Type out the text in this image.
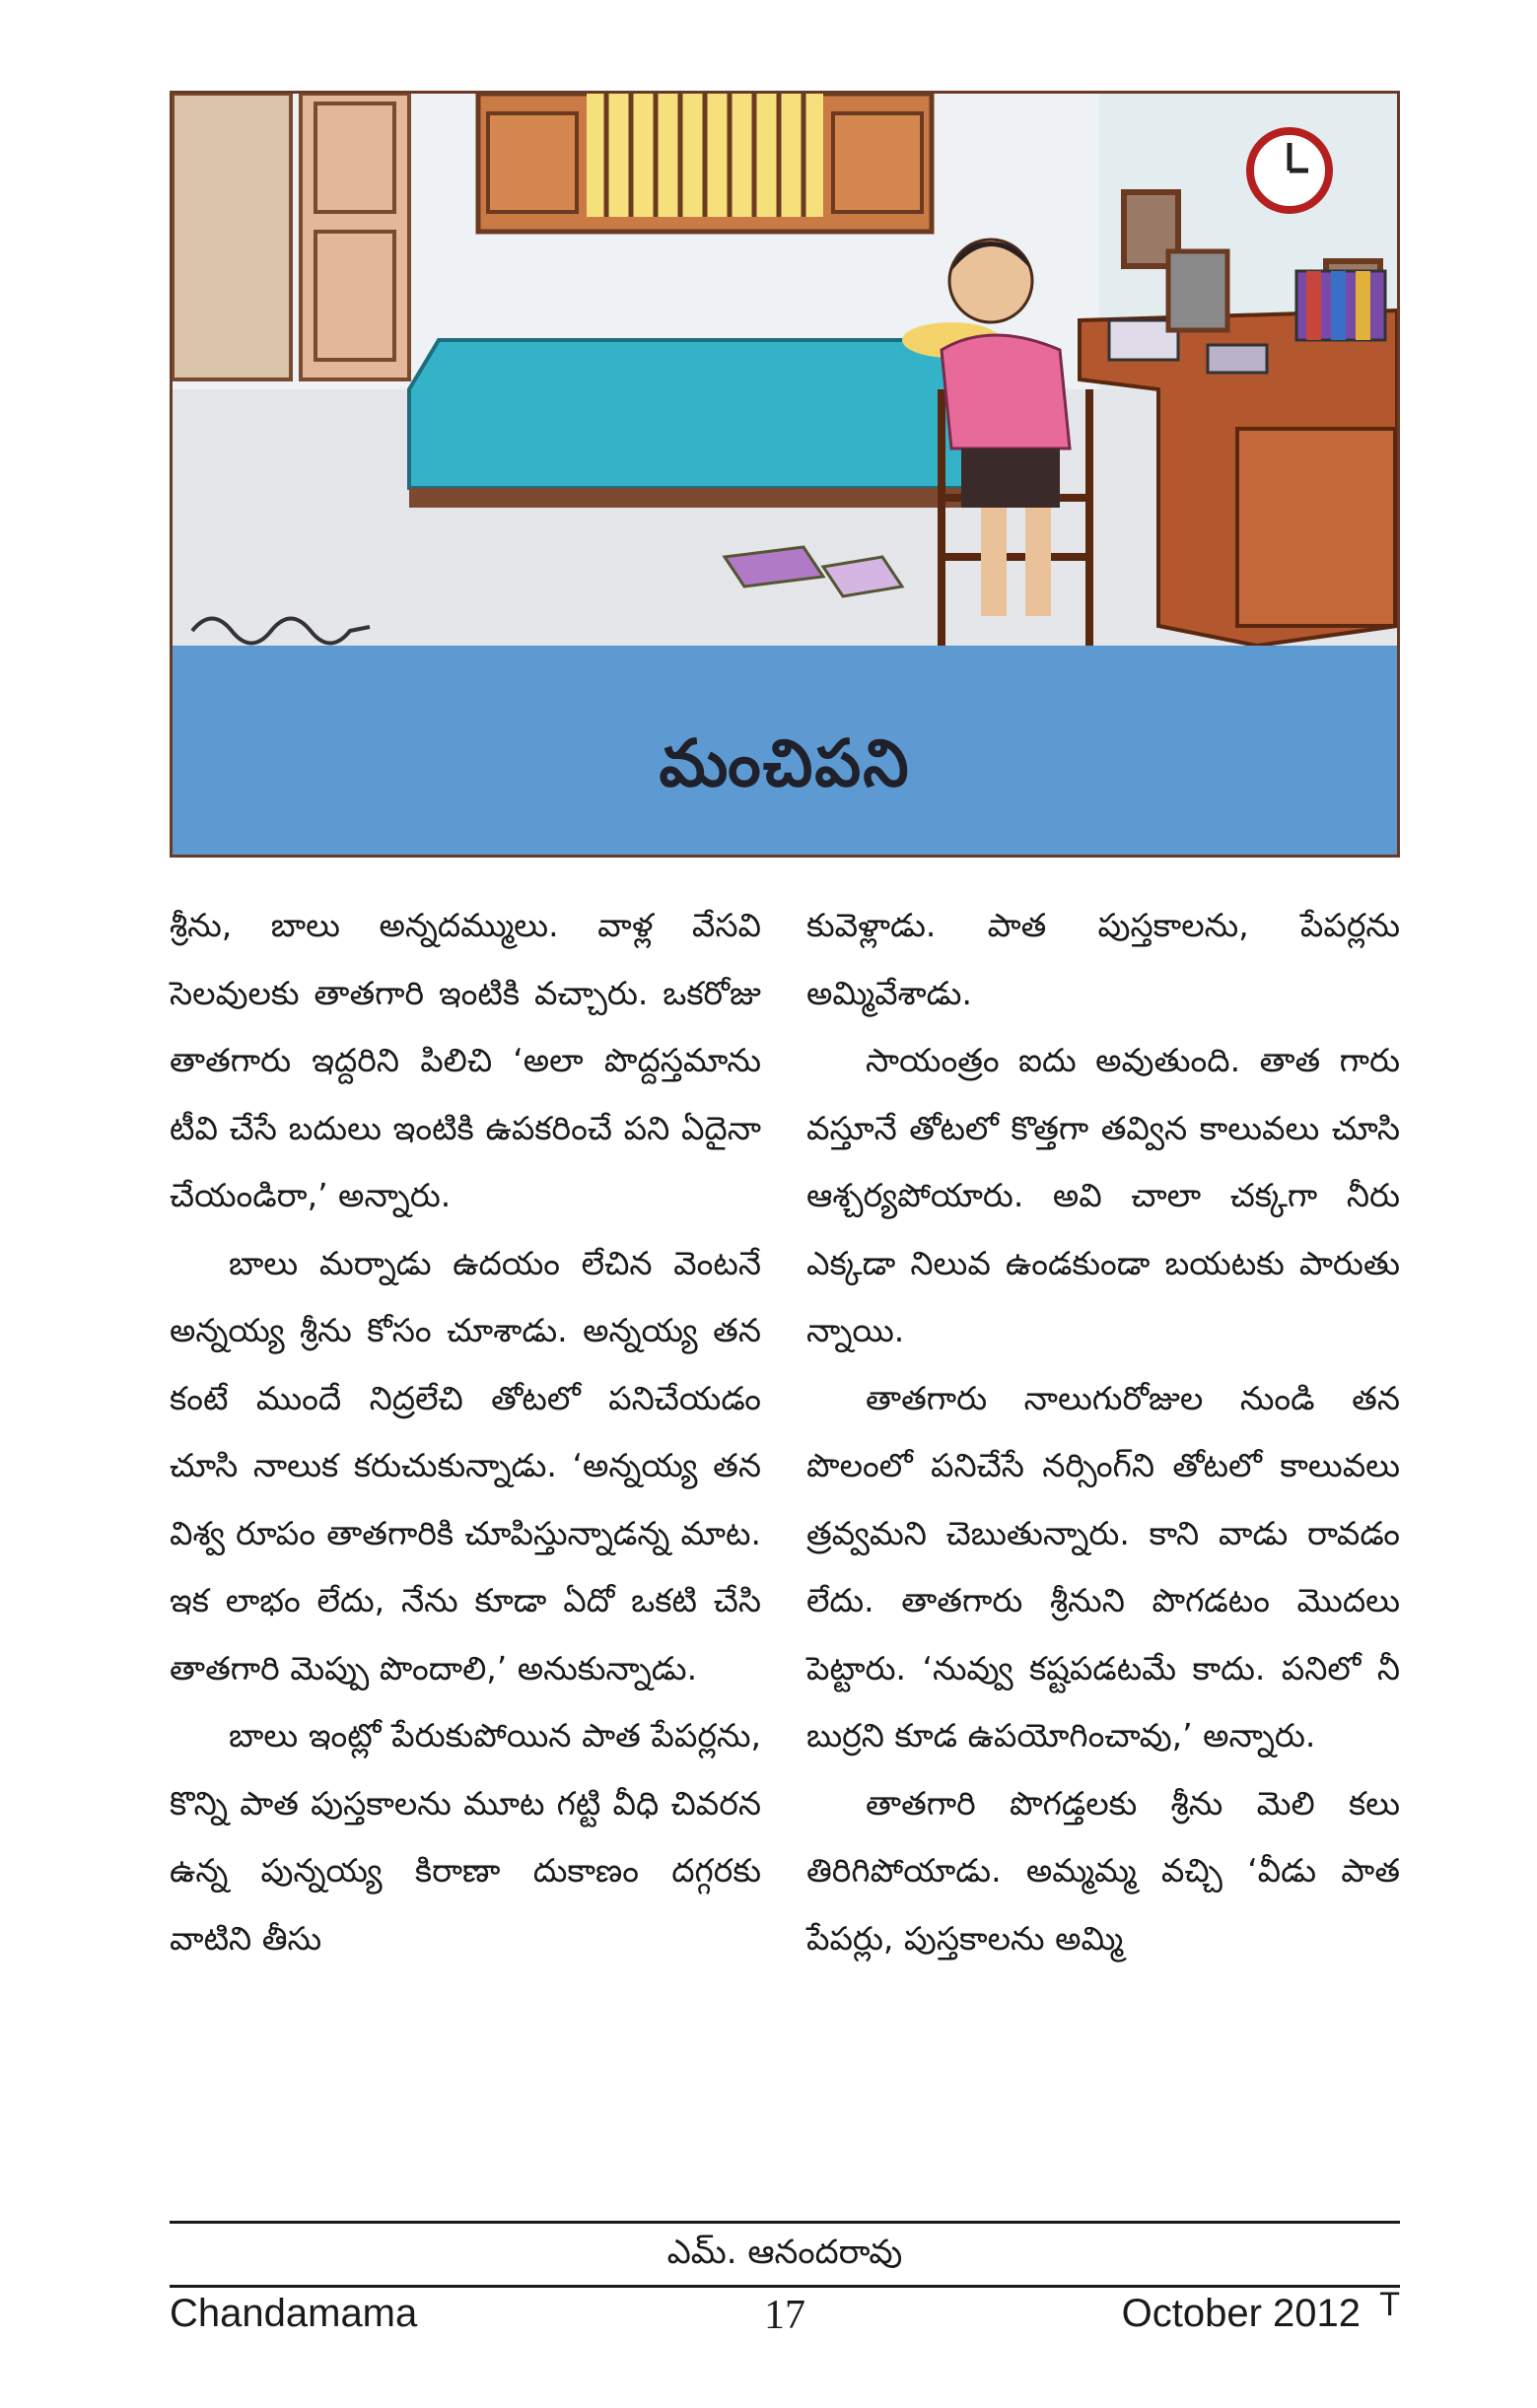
మంచిపని

శ్రీను, బాలు అన్నదమ్ములు. వాళ్ల వేసవి సెలవులకు తాతగారి ఇంటికి వచ్చారు. ఒకరోజు తాతగారు ఇద్దరిని పిలిచి ‘అలా పొద్దస్తమాను టీవి చేసే బదులు ఇంటికి ఉపకరించే పని ఏదైనా చేయండిరా,’ అన్నారు.

బాలు మర్నాడు ఉదయం లేచిన వెంటనే అన్నయ్య శ్రీను కోసం చూశాడు. అన్నయ్య తన కంటే ముందే నిద్రలేచి తోటలో పనిచేయడం చూసి నాలుక కరుచుకున్నాడు. ‘అన్నయ్య తన విశ్వ రూపం తాతగారికి చూపిస్తున్నాడన్న మాట. ఇక లాభం లేదు, నేను కూడా ఏదో ఒకటి చేసి తాతగారి మెప్పు పొందాలి,’ అనుకున్నాడు.

బాలు ఇంట్లో పేరుకుపోయిన పాత పేపర్లను, కొన్ని పాత పుస్తకాలను మూట గట్టి వీధి చివరన ఉన్న పున్నయ్య కిరాణా దుకాణం దగ్గరకు వాటిని తీసు

కువెళ్లాడు. పాత పుస్తకాలను, పేపర్లను అమ్మివేశాడు.

సాయంత్రం ఐదు అవుతుంది. తాత గారు వస్తూనే తోటలో కొత్తగా తవ్విన కాలువలు చూసి ఆశ్చర్యపోయారు. అవి చాలా చక్కగా నీరు ఎక్కడా నిలువ ఉండకుండా బయటకు పారుతు న్నాయి.

తాతగారు నాలుగురోజుల నుండి తన పొలంలో పనిచేసే నర్సింగ్‌ని తోటలో కాలువలు త్రవ్వమని చెబుతున్నారు. కాని వాడు రావడం లేదు. తాతగారు శ్రీనుని పొగడటం మొదలు పెట్టారు. ‘నువ్వు కష్టపడటమే కాదు. పనిలో నీ బుర్రని కూడ ఉపయోగించావు,’ అన్నారు.

తాతగారి పొగడ్తలకు శ్రీను మెలి కలు తిరిగిపోయాడు. అమ్మమ్మ వచ్చి ‘వీడు పాత పేపర్లు, పుస్తకాలను అమ్మి

ఎమ్. ఆనందరావు
Chandamama	17	October 2012 T
